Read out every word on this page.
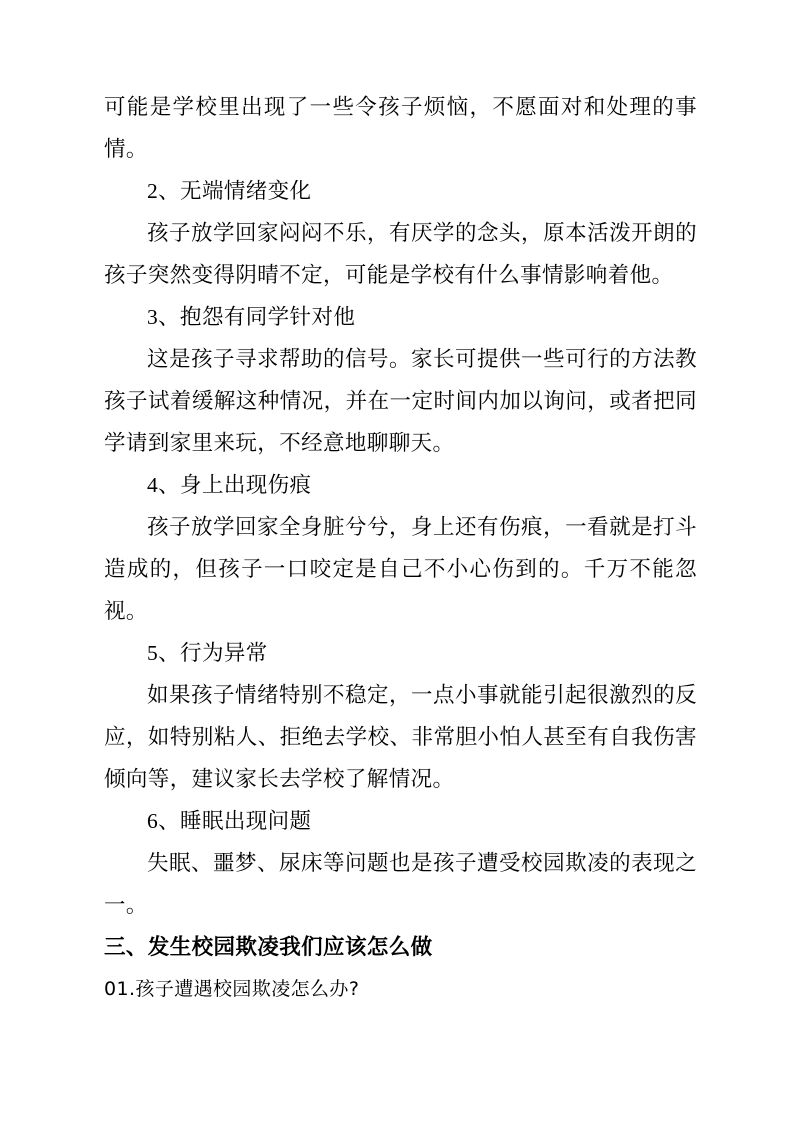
可能是学校里出现了一些令孩子烦恼，不愿面对和处理的事情。

2、无端情绪变化

孩子放学回家闷闷不乐，有厌学的念头，原本活泼开朗的孩子突然变得阴晴不定，可能是学校有什么事情影响着他。

3、抱怨有同学针对他

这是孩子寻求帮助的信号。家长可提供一些可行的方法教孩子试着缓解这种情况，并在一定时间内加以询问，或者把同学请到家里来玩，不经意地聊聊天。

4、身上出现伤痕

孩子放学回家全身脏兮兮，身上还有伤痕，一看就是打斗造成的，但孩子一口咬定是自己不小心伤到的。千万不能忽视。

5、行为异常

如果孩子情绪特别不稳定，一点小事就能引起很激烈的反应，如特别粘人、拒绝去学校、非常胆小怕人甚至有自我伤害倾向等，建议家长去学校了解情况。

6、睡眠出现问题

失眠、噩梦、尿床等问题也是孩子遭受校园欺凌的表现之一。

三、发生校园欺凌我们应该怎么做

01.孩子遭遇校园欺凌怎么办?
